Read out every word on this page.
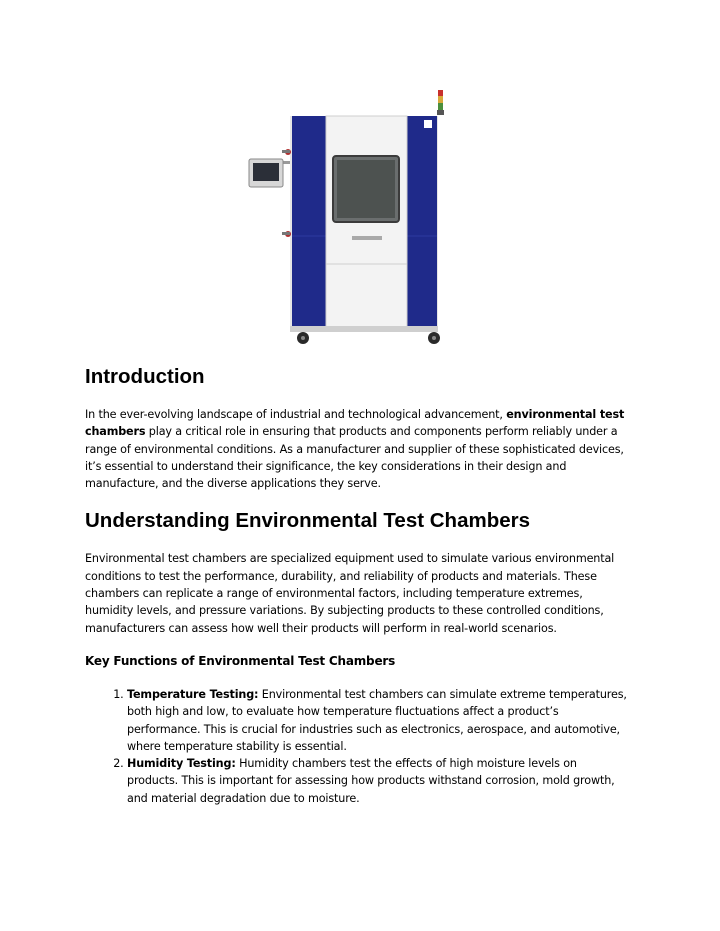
Introduction

In the ever-evolving landscape of industrial and technological advancement, environmental test chambers play a critical role in ensuring that products and components perform reliably under a range of environmental conditions. As a manufacturer and supplier of these sophisticated devices, it’s essential to understand their significance, the key considerations in their design and manufacture, and the diverse applications they serve.

Understanding Environmental Test Chambers

Environmental test chambers are specialized equipment used to simulate various environmental conditions to test the performance, durability, and reliability of products and materials. These chambers can replicate a range of environmental factors, including temperature extremes, humidity levels, and pressure variations. By subjecting products to these controlled conditions, manufacturers can assess how well their products will perform in real-world scenarios.

Key Functions of Environmental Test Chambers
1. Temperature Testing: Environmental test chambers can simulate extreme temperatures, both high and low, to evaluate how temperature fluctuations affect a product’s performance. This is crucial for industries such as electronics, aerospace, and automotive, where temperature stability is essential.
2. Humidity Testing: Humidity chambers test the effects of high moisture levels on products. This is important for assessing how products withstand corrosion, mold growth, and material degradation due to moisture.
